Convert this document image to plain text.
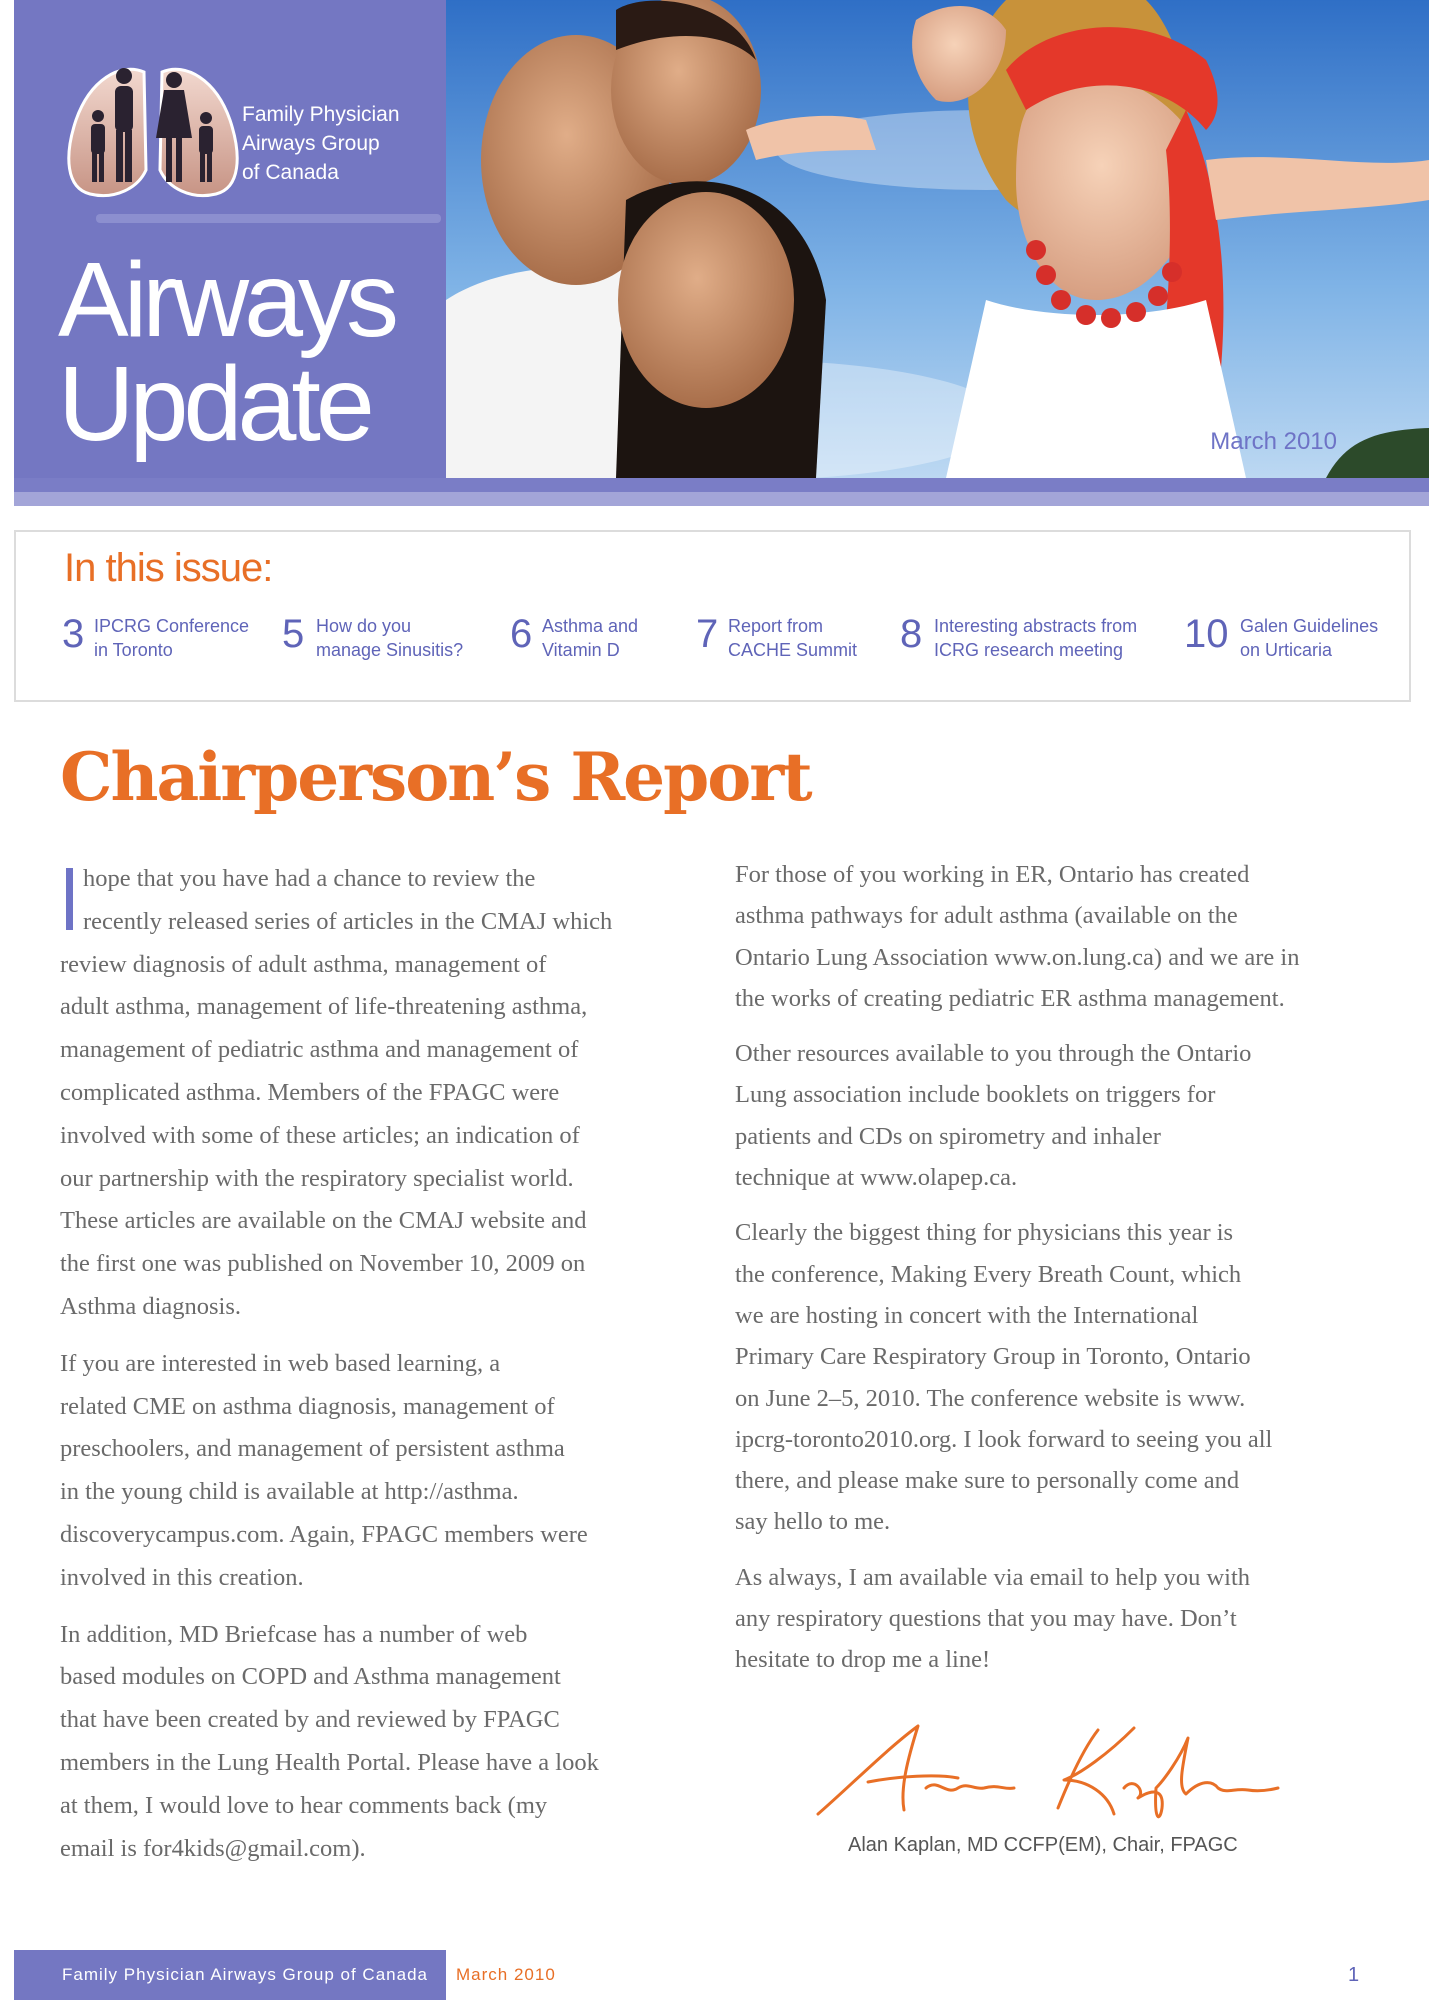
Family Physician
Airways Group
of Canada
Airways
Update	March 2010
In this issue:
3 IPCRG Conference
in Toronto	5 How do you
manage Sinusitis? 6 Asthma and
Vitamin D	7 Report from
CACHE Summit 8 Interesting abstracts from
ICRG research meeting	10 Galen Guidelines
on Urticaria
Chairperson’s Report

hope that you have had a chance to review the
recently released series of articles in the CMAJ which
review diagnosis of adult asthma, management of
adult asthma, management of life-threatening asthma,
management of pediatric asthma and management of
complicated asthma. Members of the FPAGC were
involved with some of these articles; an indication of
our partnership with the respiratory specialist world.
These articles are available on the CMAJ website and
the first one was published on November 10, 2009 on
Asthma diagnosis.

If you are interested in web based learning, a
related CME on asthma diagnosis, management of
preschoolers, and management of persistent asthma
in the young child is available at http://asthma.
discoverycampus.com. Again, FPAGC members were
involved in this creation.

In addition, MD Briefcase has a number of web
based modules on COPD and Asthma management
that have been created by and reviewed by FPAGC
members in the Lung Health Portal. Please have a look
at them, I would love to hear comments back (my
email is for4kids@gmail.com).

For those of you working in ER, Ontario has created
asthma pathways for adult asthma (available on the
Ontario Lung Association www.on.lung.ca) and we are in
the works of creating pediatric ER asthma management.

Other resources available to you through the Ontario
Lung association include booklets on triggers for
patients and CDs on spirometry and inhaler
technique at www.olapep.ca.

Clearly the biggest thing for physicians this year is
the conference, Making Every Breath Count, which
we are hosting in concert with the International
Primary Care Respiratory Group in Toronto, Ontario
on June 2–5, 2010. The conference website is www.
ipcrg-toronto2010.org. I look forward to seeing you all
there, and please make sure to personally come and
say hello to me.

As always, I am available via email to help you with
any respiratory questions that you may have. Don’t
hesitate to drop me a line!

Alan Kaplan, MD CCFP(EM), Chair, FPAGC
Family Physician Airways Group of Canada	March 2010	1
